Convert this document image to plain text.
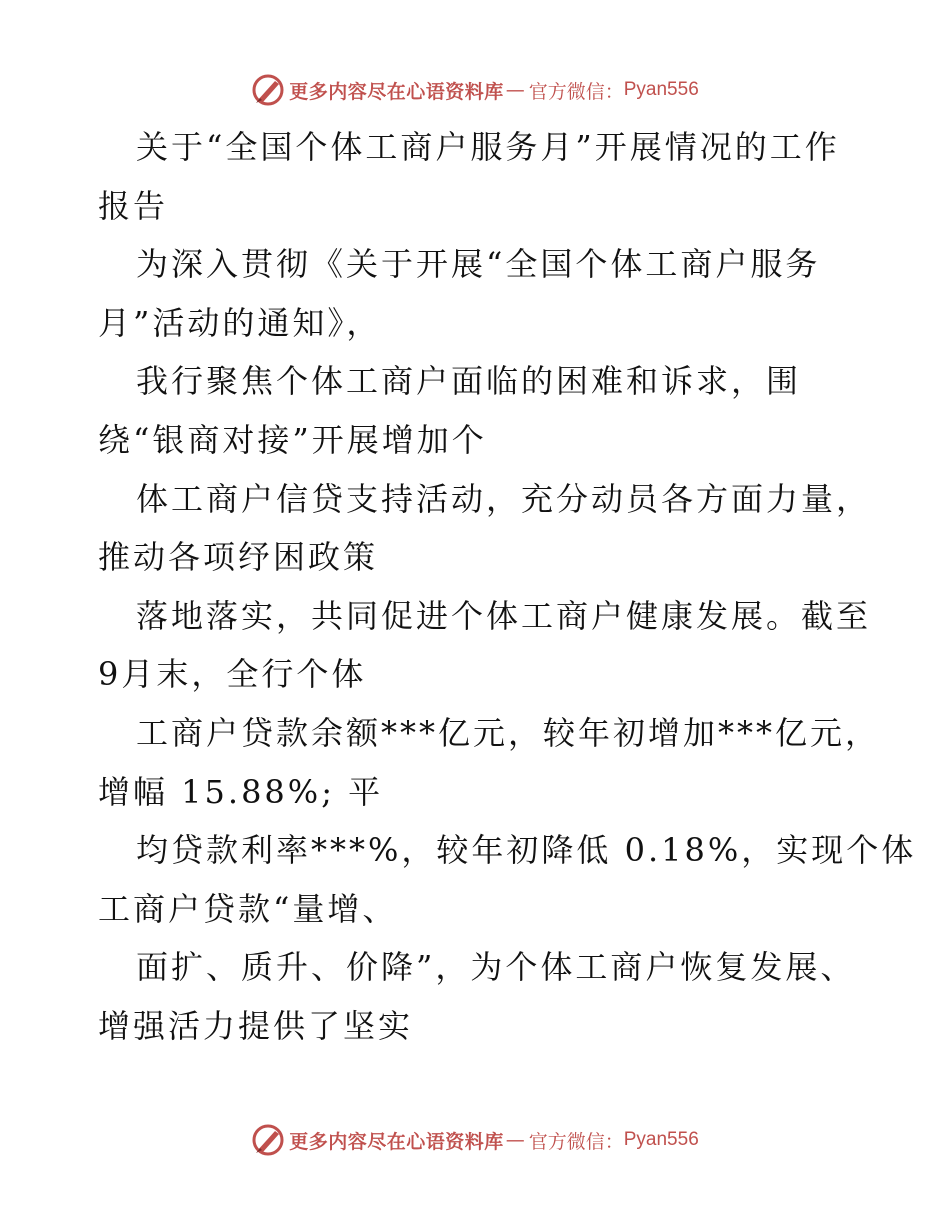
更多内容尽在心语资料库 — 官方微信： Pyan556
关于“全国个体工商户服务月”开展情况的工作
报告
为深入贯彻《关于开展“全国个体工商户服务
月”活动的通知》，
我行聚焦个体工商户面临的困难和诉求，围
绕“银商对接”开展增加个
体工商户信贷支持活动，充分动员各方面力量，
推动各项纾困政策
落地落实，共同促进个体工商户健康发展。截至
9月末，全行个体
工商户贷款余额***亿元，较年初增加***亿元，
增幅 15.88%; 平
均贷款利率***%，较年初降低 0.18%，实现个体
工商户贷款“量增、
面扩、质升、价降”，为个体工商户恢复发展、
增强活力提供了坚实
更多内容尽在心语资料库 — 官方微信： Pyan556
